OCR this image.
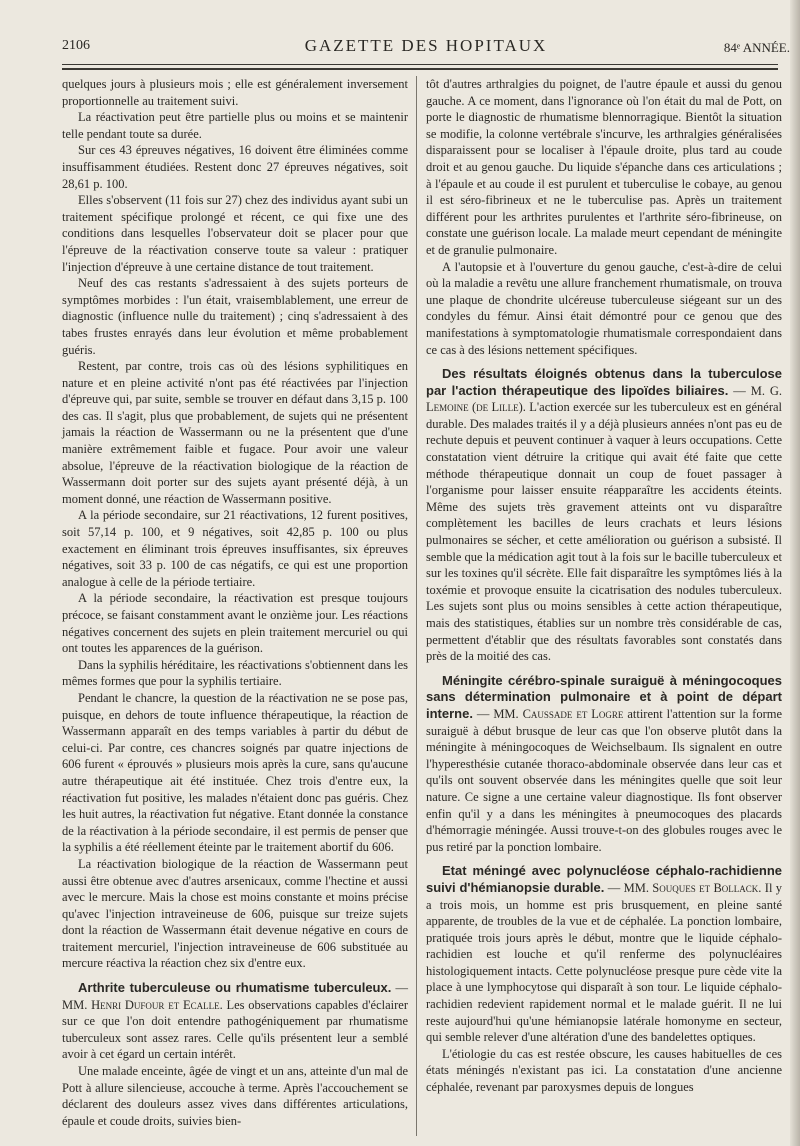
2106	GAZETTE DES HOPITAUX	84ᵉ ANNÉE.

quelques jours à plusieurs mois ; elle est généralement inversement proportionnelle au traitement suivi.

La réactivation peut être partielle plus ou moins et se maintenir telle pendant toute sa durée.

Sur ces 43 épreuves négatives, 16 doivent être éliminées comme insuffisamment étudiées. Restent donc 27 épreuves négatives, soit 28,61 p. 100.

Elles s'observent (11 fois sur 27) chez des individus ayant subi un traitement spécifique prolongé et récent, ce qui fixe une des conditions dans lesquelles l'observateur doit se placer pour que l'épreuve de la réactivation conserve toute sa valeur : pratiquer l'injection d'épreuve à une certaine distance de tout traitement.

Neuf des cas restants s'adressaient à des sujets porteurs de symptômes morbides : l'un était, vraisemblablement, une erreur de diagnostic (influence nulle du traitement) ; cinq s'adressaient à des tabes frustes enrayés dans leur évolution et même probablement guéris.

Restent, par contre, trois cas où des lésions syphilitiques en nature et en pleine activité n'ont pas été réactivées par l'injection d'épreuve qui, par suite, semble se trouver en défaut dans 3,15 p. 100 des cas. Il s'agit, plus que probablement, de sujets qui ne présentent jamais la réaction de Wassermann ou ne la présentent que d'une manière extrêmement faible et fugace. Pour avoir une valeur absolue, l'épreuve de la réactivation biologique de la réaction de Wassermann doit porter sur des sujets ayant présenté déjà, à un moment donné, une réaction de Wassermann positive.

A la période secondaire, sur 21 réactivations, 12 furent positives, soit 57,14 p. 100, et 9 négatives, soit 42,85 p. 100 ou plus exactement en éliminant trois épreuves insuffisantes, six épreuves négatives, soit 33 p. 100 de cas négatifs, ce qui est une proportion analogue à celle de la période tertiaire.

A la période secondaire, la réactivation est presque toujours précoce, se faisant constamment avant le onzième jour. Les réactions négatives concernent des sujets en plein traitement mercuriel ou qui ont toutes les apparences de la guérison.

Dans la syphilis héréditaire, les réactivations s'obtiennent dans les mêmes formes que pour la syphilis tertiaire.

Pendant le chancre, la question de la réactivation ne se pose pas, puisque, en dehors de toute influence thérapeutique, la réaction de Wassermann apparaît en des temps variables à partir du début de celui-ci. Par contre, ces chancres soignés par quatre injections de 606 furent « éprouvés » plusieurs mois après la cure, sans qu'aucune autre thérapeutique ait été instituée. Chez trois d'entre eux, la réactivation fut positive, les malades n'étaient donc pas guéris. Chez les huit autres, la réactivation fut négative. Etant donnée la constance de la réactivation à la période secondaire, il est permis de penser que la syphilis a été réellement éteinte par le traitement abortif du 606.

La réactivation biologique de la réaction de Wassermann peut aussi être obtenue avec d'autres arsenicaux, comme l'hectine et aussi avec le mercure. Mais la chose est moins constante et moins précise qu'avec l'injection intraveineuse de 606, puisque sur treize sujets dont la réaction de Wassermann était devenue négative en cours de traitement mercuriel, l'injection intraveineuse de 606 substituée au mercure réactiva la réaction chez six d'entre eux.

Arthrite tuberculeuse ou rhumatisme tuberculeux. — MM. Henri Dufour et Ecalle. Les observations capables d'éclairer sur ce que l'on doit entendre pathogéniquement par rhumatisme tuberculeux sont assez rares. Celle qu'ils présentent leur a semblé avoir à cet égard un certain intérêt.

Une malade enceinte, âgée de vingt et un ans, atteinte d'un mal de Pott à allure silencieuse, accouche à terme. Après l'accouchement se déclarent des douleurs assez vives dans différentes articulations, épaule et coude droits, suivies bien-

tôt d'autres arthralgies du poignet, de l'autre épaule et aussi du genou gauche. A ce moment, dans l'ignorance où l'on était du mal de Pott, on porte le diagnostic de rhumatisme blennorragique. Bientôt la situation se modifie, la colonne vertébrale s'incurve, les arthralgies généralisées disparaissent pour se localiser à l'épaule droite, plus tard au coude droit et au genou gauche. Du liquide s'épanche dans ces articulations ; à l'épaule et au coude il est purulent et tuberculise le cobaye, au genou il est séro-fibrineux et ne le tuberculise pas. Après un traitement différent pour les arthrites purulentes et l'arthrite séro-fibrineuse, on constate une guérison locale. La malade meurt cependant de méningite et de granulie pulmonaire.

A l'autopsie et à l'ouverture du genou gauche, c'est-à-dire de celui où la maladie a revêtu une allure franchement rhumatismale, on trouva une plaque de chondrite ulcéreuse tuberculeuse siégeant sur un des condyles du fémur. Ainsi était démontré pour ce genou que des manifestations à symptomatologie rhumatismale correspondaient dans ce cas à des lésions nettement spécifiques.

Des résultats éloignés obtenus dans la tuberculose par l'action thérapeutique des lipoïdes biliaires. — M. G. Lemoine (de Lille). L'action exercée sur les tuberculeux est en général durable. Des malades traités il y a déjà plusieurs années n'ont pas eu de rechute depuis et peuvent continuer à vaquer à leurs occupations. Cette constatation vient détruire la critique qui avait été faite que cette méthode thérapeutique donnait un coup de fouet passager à l'organisme pour laisser ensuite réapparaître les accidents éteints. Même des sujets très gravement atteints ont vu disparaître complètement les bacilles de leurs crachats et leurs lésions pulmonaires se sécher, et cette amélioration ou guérison a subsisté. Il semble que la médication agit tout à la fois sur le bacille tuberculeux et sur les toxines qu'il sécrète. Elle fait disparaître les symptômes liés à la toxémie et provoque ensuite la cicatrisation des nodules tuberculeux. Les sujets sont plus ou moins sensibles à cette action thérapeutique, mais des statistiques, établies sur un nombre très considérable de cas, permettent d'établir que des résultats favorables sont constatés dans près de la moitié des cas.

Méningite cérébro-spinale suraiguë à méningocoques sans détermination pulmonaire et à point de départ interne. — MM. Caussade et Logre attirent l'attention sur la forme suraiguë à début brusque de leur cas que l'on observe plutôt dans la méningite à méningocoques de Weichselbaum. Ils signalent en outre l'hyperesthésie cutanée thoraco-abdominale observée dans leur cas et qu'ils ont souvent observée dans les méningites quelle que soit leur nature. Ce signe a une certaine valeur diagnostique. Ils font observer enfin qu'il y a dans les méningites à pneumocoques des placards d'hémorragie méningée. Aussi trouve-t-on des globules rouges avec le pus retiré par la ponction lombaire.

Etat méningé avec polynucléose céphalo-rachidienne suivi d'hémianopsie durable. — MM. Souques et Bollack. Il y a trois mois, un homme est pris brusquement, en pleine santé apparente, de troubles de la vue et de céphalée. La ponction lombaire, pratiquée trois jours après le début, montre que le liquide céphalo-rachidien est louche et qu'il renferme des polynucléaires histologiquement intacts. Cette polynucléose presque pure cède vite la place à une lymphocytose qui disparaît à son tour. Le liquide céphalo-rachidien redevient rapidement normal et le malade guérit. Il ne lui reste aujourd'hui qu'une hémianopsie latérale homonyme en secteur, qui semble relever d'une altération d'une des bandelettes optiques.

L'étiologie du cas est restée obscure, les causes habituelles de ces états méningés n'existant pas ici. La constatation d'une ancienne céphalée, revenant par paroxysmes depuis de longues
